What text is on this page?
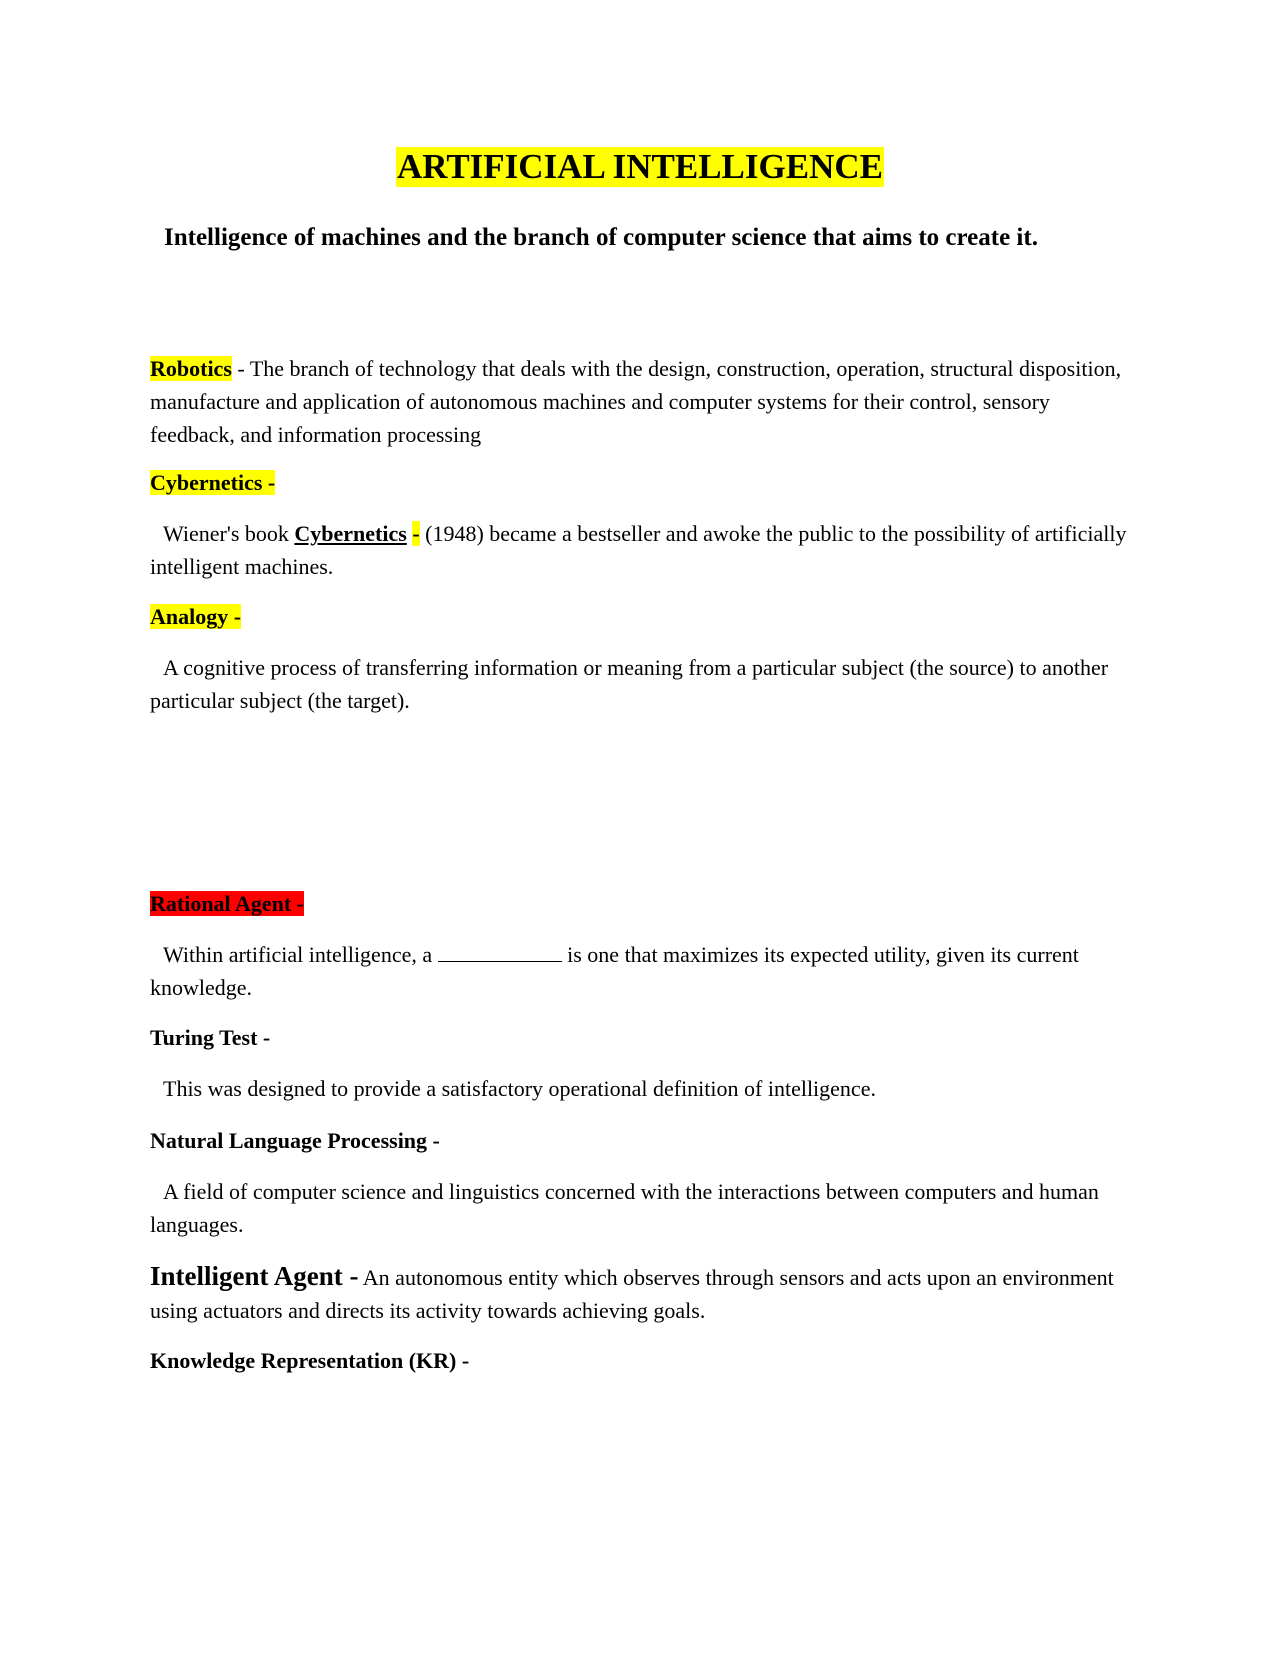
ARTIFICIAL INTELLIGENCE
Intelligence of machines and the branch of computer science that aims to create it.
Robotics - The branch of technology that deals with the design, construction, operation, structural disposition, manufacture and application of autonomous machines and computer systems for their control, sensory feedback, and information processing
Cybernetics -
Wiener's book Cybernetics - (1948) became a bestseller and awoke the public to the possibility of artificially intelligent machines.
Analogy -
A cognitive process of transferring information or meaning from a particular subject (the source) to another particular subject (the target).
Rational Agent -
Within artificial intelligence, a	is one that maximizes its expected utility, given its current knowledge.
Turing Test -
This was designed to provide a satisfactory operational definition of intelligence.
Natural Language Processing -
A field of computer science and linguistics concerned with the interactions between computers and human languages.
Intelligent Agent - An autonomous entity which observes through sensors and acts upon an environment using actuators and directs its activity towards achieving goals.
Knowledge Representation (KR) -
